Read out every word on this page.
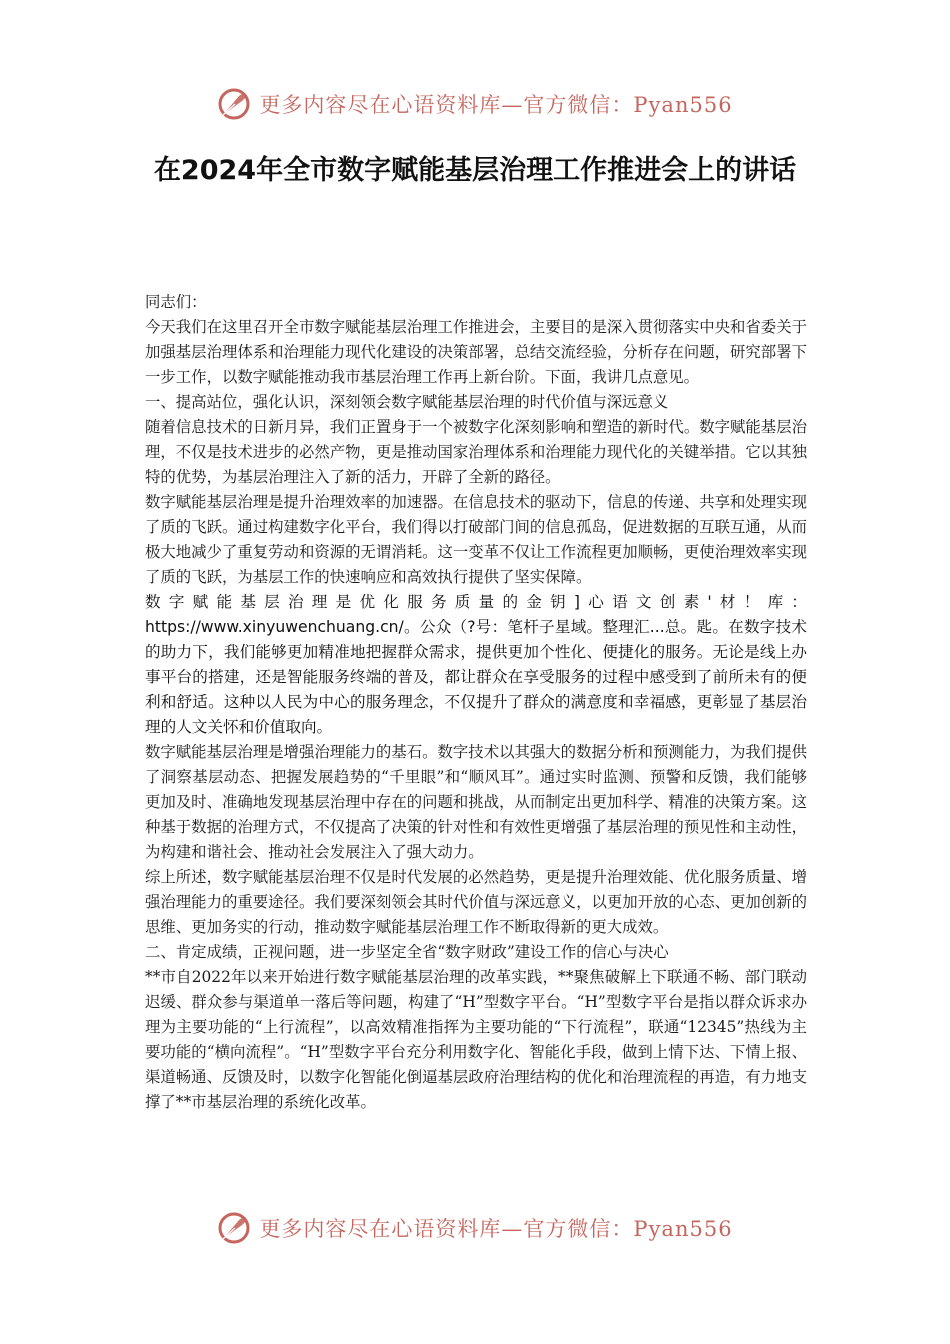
更多内容尽在心语资料库—官方微信：Pyan556
在2024年全市数字赋能基层治理工作推进会上的讲话

同志们：

今天我们在这里召开全市数字赋能基层治理工作推进会，主要目的是深入贯彻落实中央和省委关于加强基层治理体系和治理能力现代化建设的决策部署，总结交流经验，分析存在问题，研究部署下一步工作，以数字赋能推动我市基层治理工作再上新台阶。下面，我讲几点意见。

一、提高站位，强化认识，深刻领会数字赋能基层治理的时代价值与深远意义

随着信息技术的日新月异，我们正置身于一个被数字化深刻影响和塑造的新时代。数字赋能基层治理，不仅是技术进步的必然产物，更是推动国家治理体系和治理能力现代化的关键举措。它以其独特的优势，为基层治理注入了新的活力，开辟了全新的路径。

数字赋能基层治理是提升治理效率的加速器。在信息技术的驱动下，信息的传递、共享和处理实现了质的飞跃。通过构建数字化平台，我们得以打破部门间的信息孤岛，促进数据的互联互通，从而极大地减少了重复劳动和资源的无谓消耗。这一变革不仅让工作流程更加顺畅，更使治理效率实现了质的飞跃，为基层工作的快速响应和高效执行提供了坚实保障。

数字赋能基层治理是优化服务质量的金钥]心语文创素'材！库：https://www.xinyuwenchuang.cn/。公众（?号：笔杆子星域。整理汇...总。匙。在数字技术的助力下，我们能够更加精准地把握群众需求，提供更加个性化、便捷化的服务。无论是线上办事平台的搭建，还是智能服务终端的普及，都让群众在享受服务的过程中感受到了前所未有的便利和舒适。这种以人民为中心的服务理念，不仅提升了群众的满意度和幸福感，更彰显了基层治理的人文关怀和价值取向。

数字赋能基层治理是增强治理能力的基石。数字技术以其强大的数据分析和预测能力，为我们提供了洞察基层动态、把握发展趋势的“千里眼”和“顺风耳”。通过实时监测、预警和反馈，我们能够更加及时、准确地发现基层治理中存在的问题和挑战，从而制定出更加科学、精准的决策方案。这种基于数据的治理方式，不仅提高了决策的针对性和有效性更增强了基层治理的预见性和主动性，为构建和谐社会、推动社会发展注入了强大动力。

综上所述，数字赋能基层治理不仅是时代发展的必然趋势，更是提升治理效能、优化服务质量、增强治理能力的重要途径。我们要深刻领会其时代价值与深远意义，以更加开放的心态、更加创新的思维、更加务实的行动，推动数字赋能基层治理工作不断取得新的更大成效。

二、肯定成绩，正视问题，进一步坚定全省“数字财政”建设工作的信心与决心

**市自2022年以来开始进行数字赋能基层治理的改革实践，**聚焦破解上下联通不畅、部门联动迟缓、群众参与渠道单一落后等问题，构建了“H”型数字平台。“H”型数字平台是指以群众诉求办理为主要功能的“上行流程”，以高效精准指挥为主要功能的“下行流程”，联通“12345”热线为主要功能的“横向流程”。“H”型数字平台充分利用数字化、智能化手段，做到上情下达、下情上报、渠道畅通、反馈及时，以数字化智能化倒逼基层政府治理结构的优化和治理流程的再造，有力地支撑了**市基层治理的系统化改革。

更多内容尽在心语资料库—官方微信：Pyan556
